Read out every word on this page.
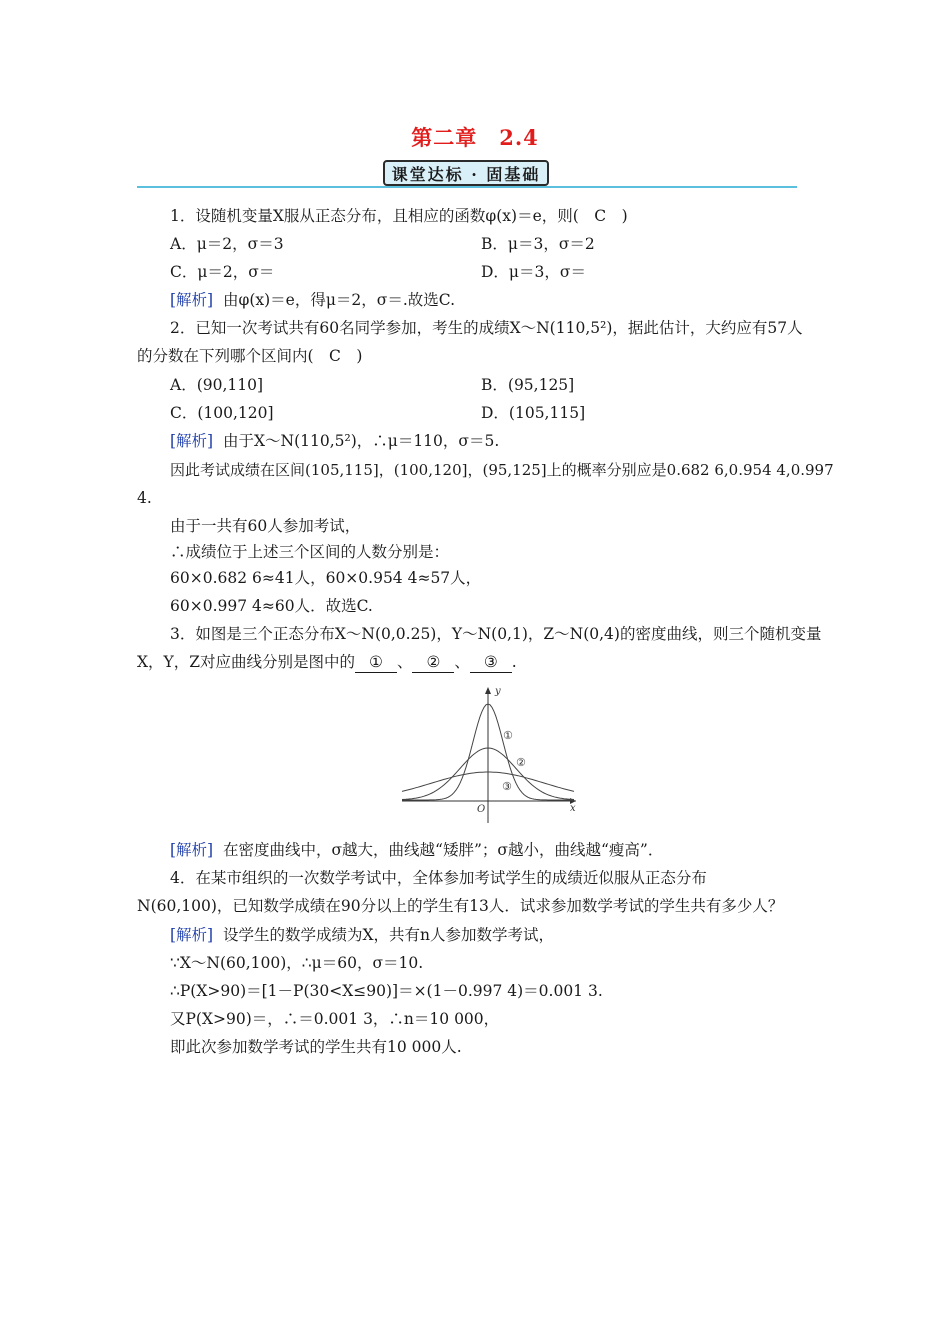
第二章　2.4
课堂达标 · 固基础
1．设随机变量X服从正态分布，且相应的函数φ(x)＝e，则(　C　)
A．μ＝2，σ＝3	B．μ＝3，σ＝2
C．μ＝2，σ＝	D．μ＝3，σ＝
[解析] 由φ(x)＝e，得μ＝2，σ＝.故选C.
2．已知一次考试共有60名同学参加，考生的成绩X～N(110,5²)，据此估计，大约应有57人
的分数在下列哪个区间内(　C　)
A．(90,110]	B．(95,125]
C．(100,120]	D．(105,115]
[解析] 由于X～N(110,5²)，∴μ＝110，σ＝5.
因此考试成绩在区间(105,115]，(100,120]，(95,125]上的概率分别应是0.682 6,0.954 4,0.997
4.
由于一共有60人参加考试，
∴成绩位于上述三个区间的人数分别是：
60×0.682 6≈41人，60×0.954 4≈57人，
60×0.997 4≈60人．故选C.
3．如图是三个正态分布X～N(0,0.25)，Y～N(0,1)，Z～N(0,4)的密度曲线，则三个随机变量
X，Y，Z对应曲线分别是图中的 ① 、 ② 、 ③ .
y
x
O
①
②
③
[解析] 在密度曲线中，σ越大，曲线越“矮胖”；σ越小，曲线越“瘦高”．
4．在某市组织的一次数学考试中，全体参加考试学生的成绩近似服从正态分布
N(60,100)，已知数学成绩在90分以上的学生有13人．试求参加数学考试的学生共有多少人？
[解析] 设学生的数学成绩为X，共有n人参加数学考试，
∵X～N(60,100)，∴μ＝60，σ＝10.
∴P(X>90)＝[1－P(30<X≤90)]＝×(1－0.997 4)＝0.001 3.
又P(X>90)＝，∴＝0.001 3，∴n＝10 000，
即此次参加数学考试的学生共有10 000人.
